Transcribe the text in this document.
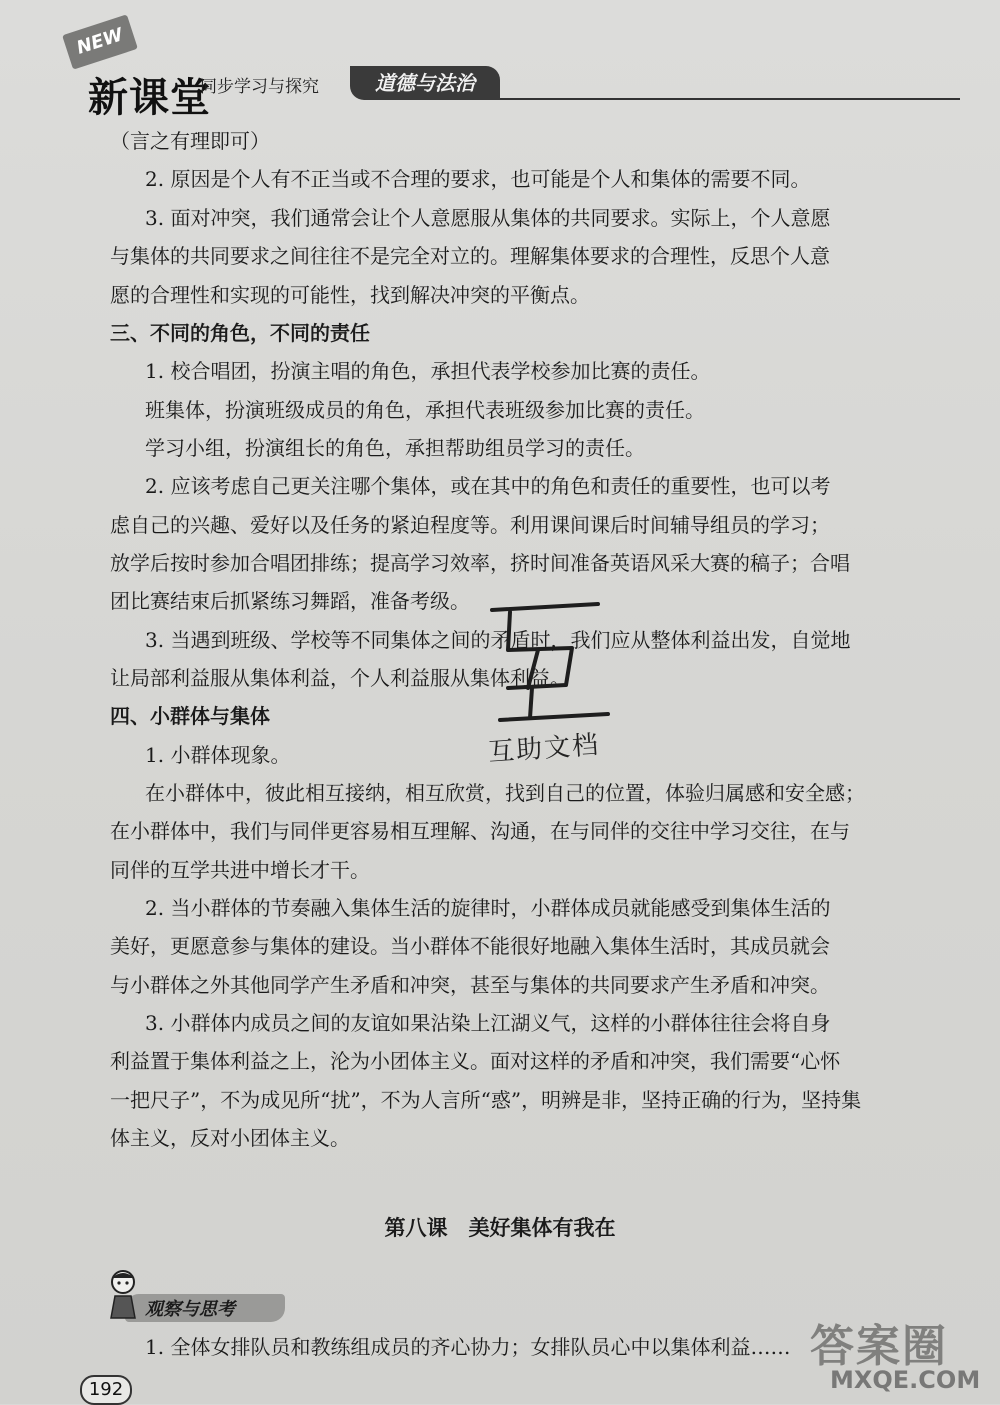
NEW
新课堂
同步学习与探究	道德与法治
（言之有理即可）
2. 原因是个人有不正当或不合理的要求，也可能是个人和集体的需要不同。
3. 面对冲突，我们通常会让个人意愿服从集体的共同要求。实际上，个人意愿
与集体的共同要求之间往往不是完全对立的。理解集体要求的合理性，反思个人意
愿的合理性和实现的可能性，找到解决冲突的平衡点。
三、不同的角色，不同的责任
1. 校合唱团，扮演主唱的角色，承担代表学校参加比赛的责任。
班集体，扮演班级成员的角色，承担代表班级参加比赛的责任。
学习小组，扮演组长的角色，承担帮助组员学习的责任。
2. 应该考虑自己更关注哪个集体，或在其中的角色和责任的重要性，也可以考
虑自己的兴趣、爱好以及任务的紧迫程度等。利用课间课后时间辅导组员的学习；
放学后按时参加合唱团排练；提高学习效率，挤时间准备英语风采大赛的稿子；合唱
团比赛结束后抓紧练习舞蹈，准备考级。
3. 当遇到班级、学校等不同集体之间的矛盾时，我们应从整体利益出发，自觉地
让局部利益服从集体利益，个人利益服从集体利益。
四、小群体与集体
1. 小群体现象。
在小群体中，彼此相互接纳，相互欣赏，找到自己的位置，体验归属感和安全感；
在小群体中，我们与同伴更容易相互理解、沟通，在与同伴的交往中学习交往，在与
同伴的互学共进中增长才干。
2. 当小群体的节奏融入集体生活的旋律时，小群体成员就能感受到集体生活的
美好，更愿意参与集体的建设。当小群体不能很好地融入集体生活时，其成员就会
与小群体之外其他同学产生矛盾和冲突，甚至与集体的共同要求产生矛盾和冲突。
3. 小群体内成员之间的友谊如果沾染上江湖义气，这样的小群体往往会将自身
利益置于集体利益之上，沦为小团体主义。面对这样的矛盾和冲突，我们需要“心怀
一把尺子”，不为成见所“扰”，不为人言所“惑”，明辨是非，坚持正确的行为，坚持集
体主义，反对小团体主义。
1. 全体女排队员和教练组成员的齐心协力；女排队员心中以集体利益……
第八课　美好集体有我在
互助文档
观察与思考
192
答案圈
MXQE.COM
